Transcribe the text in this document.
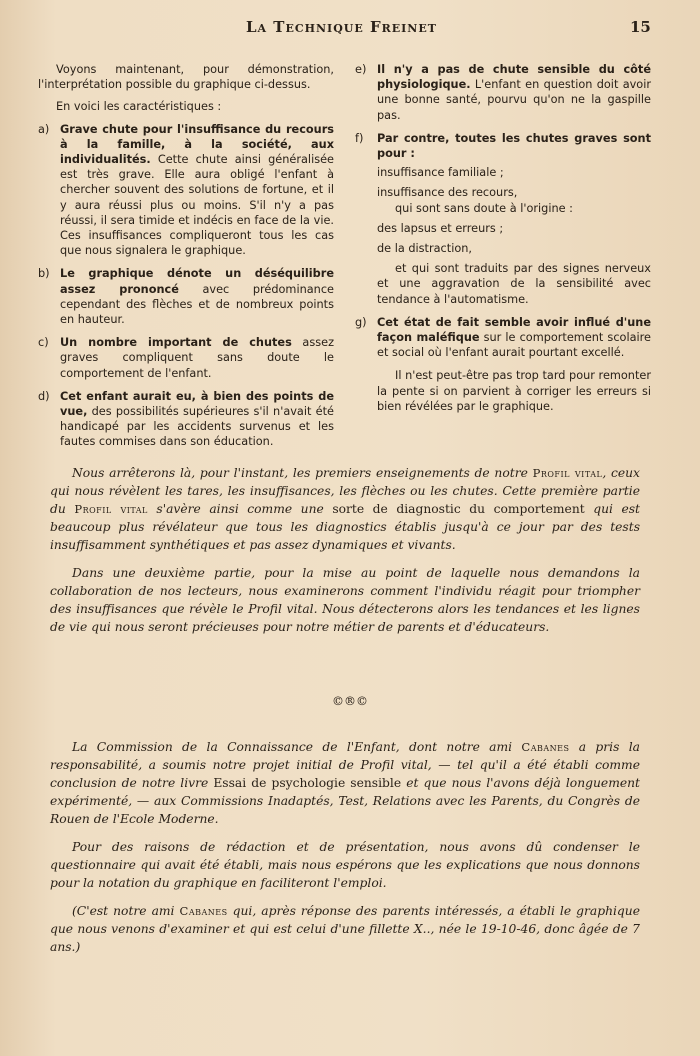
La Technique Freinet	15

Voyons maintenant, pour démonstration, l'interprétation possible du graphique ci-dessus.

En voici les caractéristiques :

a) Grave chute pour l'insuffisance du recours à la famille, à la société, aux individualités. Cette chute ainsi généralisée est très grave. Elle aura obligé l'enfant à chercher souvent des solutions de fortune, et il y aura réussi plus ou moins. S'il n'y a pas réussi, il sera timide et indécis en face de la vie. Ces insuffisances compliqueront tous les cas que nous signalera le graphique.
b) Le graphique dénote un déséquilibre assez prononcé avec prédominance cependant des flèches et de nombreux points en hauteur.
c)	Un nombre important de chutes assez graves compliquent sans doute le comportement de l'enfant.
d) Cet enfant aurait eu, à bien des points de vue, des possibilités supérieures s'il n'avait été handicapé par les accidents survenus et les fautes commises dans son éducation.
e) Il n'y a pas de chute sensible du côté physiologique. L'enfant en question doit avoir une bonne santé, pourvu qu'on ne la gaspille pas.
f)	Par contre, toutes les chutes graves sont pour :

insuffisance familiale ;

insuffisance des recours,

qui sont sans doute à l'origine :

des lapsus et erreurs ;

de la distraction,

et qui sont traduits par des signes nerveux et une aggravation de la sensibilité avec tendance à l'automatisme.

g) Cet état de fait semble avoir influé d'une façon maléfique sur le comportement scolaire et social où l'enfant aurait pourtant excellé.

Il n'est peut-être pas trop tard pour remonter la pente si on parvient à corriger les erreurs si bien révélées par le graphique.

Nous arrêterons là, pour l'instant, les premiers enseignements de notre Profil vital, ceux qui nous révèlent les tares, les insuffisances, les flèches ou les chutes. Cette première partie du Profil vital s'avère ainsi comme une sorte de diagnostic du comportement qui est beaucoup plus révélateur que tous les diagnostics établis jusqu'à ce jour par des tests insuffisamment synthétiques et pas assez dynamiques et vivants.

Dans une deuxième partie, pour la mise au point de laquelle nous demandons la collaboration de nos lecteurs, nous examinerons comment l'individu réagit pour triompher des insuffisances que révèle le Profil vital. Nous détecterons alors les tendances et les lignes de vie qui nous seront précieuses pour notre métier de parents et d'éducateurs.

©®©

La Commission de la Connaissance de l'Enfant, dont notre ami Cabanes a pris la responsabilité, a soumis notre projet initial de Profil vital, — tel qu'il a été établi comme conclusion de notre livre Essai de psychologie sensible et que nous l'avons déjà longuement expérimenté, — aux Commissions Inadaptés, Test, Relations avec les Parents, du Congrès de Rouen de l'Ecole Moderne.

Pour des raisons de rédaction et de présentation, nous avons dû condenser le questionnaire qui avait été établi, mais nous espérons que les explications que nous donnons pour la notation du graphique en faciliteront l'emploi.

(C'est notre ami Cabanes qui, après réponse des parents intéressés, a établi le graphique que nous venons d'examiner et qui est celui d'une fillette X.., née le 19-10-46, donc âgée de 7 ans.)
